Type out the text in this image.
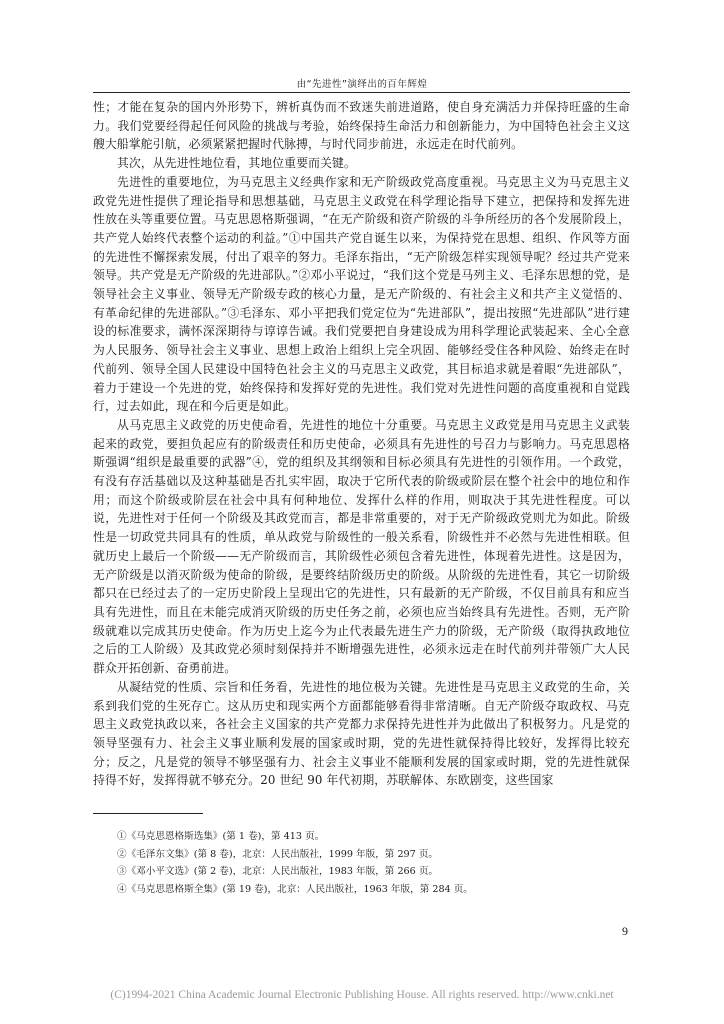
由“先进性”演绎出的百年辉煌

性；才能在复杂的国内外形势下，辨析真伪而不致迷失前进道路，使自身充满活力并保持旺盛的生命力。我们党要经得起任何风险的挑战与考验，始终保持生命活力和创新能力，为中国特色社会主义这艘大船掌舵引航，必须紧紧把握时代脉搏，与时代同步前进，永远走在时代前列。

其次，从先进性地位看，其地位重要而关键。

先进性的重要地位，为马克思主义经典作家和无产阶级政党高度重视。马克思主义为马克思主义政党先进性提供了理论指导和思想基础，马克思主义政党在科学理论指导下建立，把保持和发挥先进性放在头等重要位置。马克思恩格斯强调，“在无产阶级和资产阶级的斗争所经历的各个发展阶段上，共产党人始终代表整个运动的利益。”①中国共产党自诞生以来，为保持党在思想、组织、作风等方面的先进性不懈探索发展，付出了艰辛的努力。毛泽东指出，“无产阶级怎样实现领导呢？经过共产党来领导。共产党是无产阶级的先进部队。”②邓小平说过，“我们这个党是马列主义、毛泽东思想的党，是领导社会主义事业、领导无产阶级专政的核心力量，是无产阶级的、有社会主义和共产主义觉悟的、有革命纪律的先进部队。”③毛泽东、邓小平把我们党定位为“先进部队”，提出按照“先进部队”进行建设的标准要求，满怀深深期待与谆谆告诫。我们党要把自身建设成为用科学理论武装起来、全心全意为人民服务、领导社会主义事业、思想上政治上组织上完全巩固、能够经受住各种风险、始终走在时代前列、领导全国人民建设中国特色社会主义的马克思主义政党，其目标追求就是着眼“先进部队”，着力于建设一个先进的党，始终保持和发挥好党的先进性。我们党对先进性问题的高度重视和自觉践行，过去如此，现在和今后更是如此。

从马克思主义政党的历史使命看，先进性的地位十分重要。马克思主义政党是用马克思主义武装起来的政党，要担负起应有的阶级责任和历史使命，必须具有先进性的号召力与影响力。马克思恩格斯强调“组织是最重要的武器”④，党的组织及其纲领和目标必须具有先进性的引领作用。一个政党，有没有存活基础以及这种基础是否扎实牢固，取决于它所代表的阶级或阶层在整个社会中的地位和作用；而这个阶级或阶层在社会中具有何种地位、发挥什么样的作用，则取决于其先进性程度。可以说，先进性对于任何一个阶级及其政党而言，都是非常重要的，对于无产阶级政党则尤为如此。阶级性是一切政党共同具有的性质，单从政党与阶级性的一般关系看，阶级性并不必然与先进性相联。但就历史上最后一个阶级——无产阶级而言，其阶级性必须包含着先进性，体现着先进性。这是因为，无产阶级是以消灭阶级为使命的阶级，是要终结阶级历史的阶级。从阶级的先进性看，其它一切阶级都只在已经过去了的一定历史阶段上呈现出它的先进性，只有最新的无产阶级，不仅目前具有和应当具有先进性，而且在未能完成消灭阶级的历史任务之前，必须也应当始终具有先进性。否则，无产阶级就难以完成其历史使命。作为历史上迄今为止代表最先进生产力的阶级，无产阶级（取得执政地位之后的工人阶级）及其政党必须时刻保持并不断增强先进性，必须永远走在时代前列并带领广大人民群众开拓创新、奋勇前进。

从凝结党的性质、宗旨和任务看，先进性的地位极为关键。先进性是马克思主义政党的生命，关系到我们党的生死存亡。这从历史和现实两个方面都能够看得非常清晰。自无产阶级夺取政权、马克思主义政党执政以来，各社会主义国家的共产党都力求保持先进性并为此做出了积极努力。凡是党的领导坚强有力、社会主义事业顺利发展的国家或时期，党的先进性就保持得比较好，发挥得比较充分；反之，凡是党的领导不够坚强有力、社会主义事业不能顺利发展的国家或时期，党的先进性就保持得不好，发挥得就不够充分。20 世纪 90 年代初期，苏联解体、东欧剧变，这些国家

①《马克思恩格斯选集》(第 1 卷)，第 413 页。
②《毛泽东文集》(第 8 卷)，北京：人民出版社，1999 年版，第 297 页。
③《邓小平文选》(第 2 卷)，北京：人民出版社，1983 年版，第 266 页。
④《马克思恩格斯全集》(第 19 卷)，北京：人民出版社，1963 年版，第 284 页。
9
(C)1994-2021 China Academic Journal Electronic Publishing House. All rights reserved. http://www.cnki.net
